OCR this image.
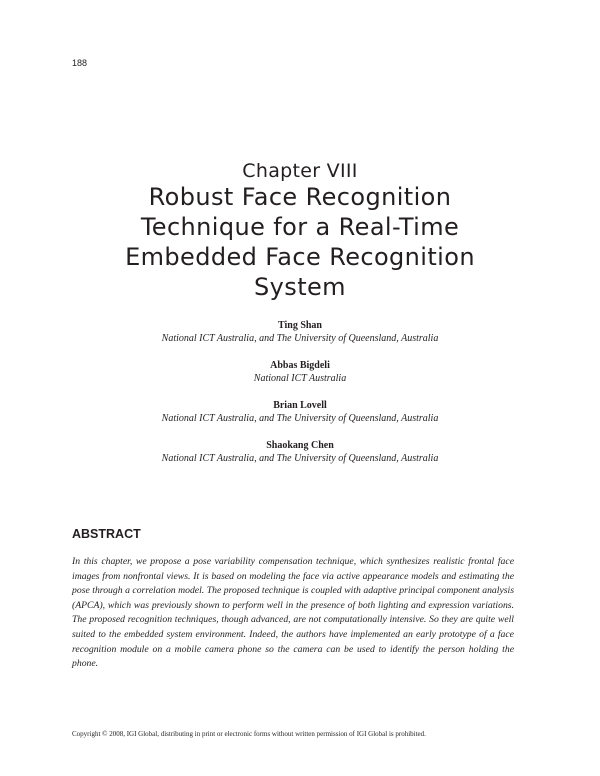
188
Chapter VIII
Robust Face Recognition
Technique for a Real-Time
Embedded Face Recognition
System
Ting Shan
National ICT Australia, and The University of Queensland, Australia
Abbas Bigdeli
National ICT Australia
Brian Lovell
National ICT Australia, and The University of Queensland, Australia
Shaokang Chen
National ICT Australia, and The University of Queensland, Australia
ABSTRACT

In this chapter, we propose a pose variability compensation technique, which synthesizes realistic frontal face images from nonfrontal views. It is based on modeling the face via active appearance models and estimating the pose through a correlation model. The proposed technique is coupled with adaptive principal component analysis (APCA), which was previously shown to perform well in the presence of both lighting and expression variations. The proposed recognition techniques, though advanced, are not computationally intensive. So they are quite well suited to the embedded system environment. Indeed, the authors have implemented an early prototype of a face recognition module on a mobile camera phone so the camera can be used to identify the person holding the phone.

Copyright © 2008, IGI Global, distributing in print or electronic forms without written permission of IGI Global is prohibited.
